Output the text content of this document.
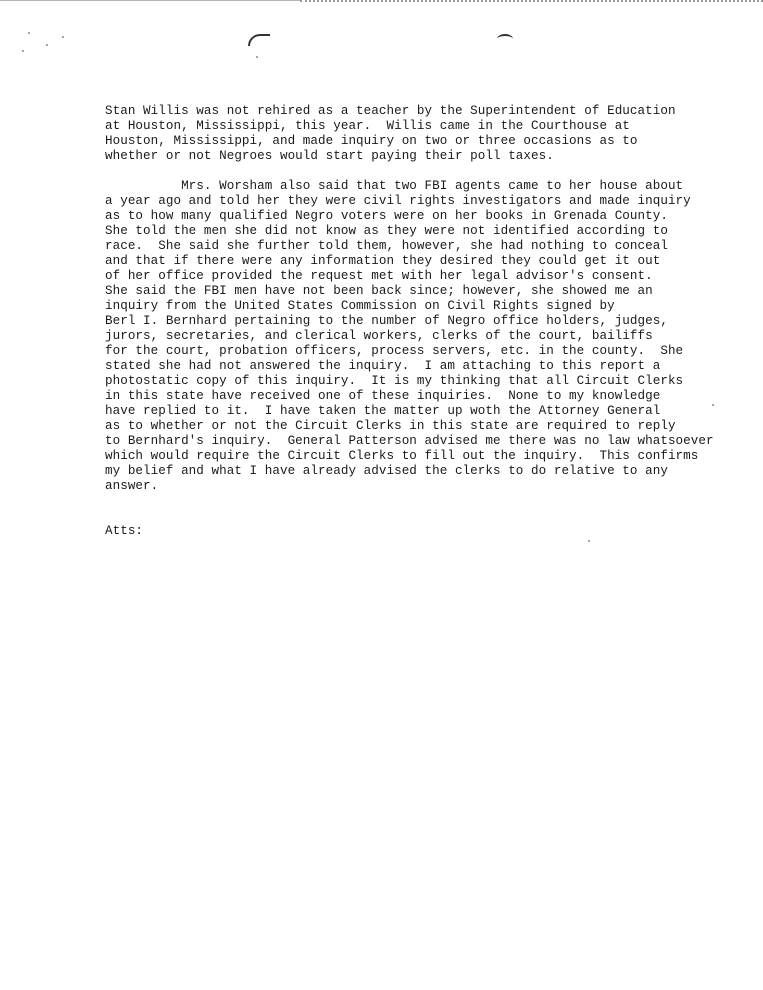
Stan Willis was not rehired as a teacher by the Superintendent of Education
at Houston, Mississippi, this year.  Willis came in the Courthouse at
Houston, Mississippi, and made inquiry on two or three occasions as to
whether or not Negroes would start paying their poll taxes.

Mrs. Worsham also said that two FBI agents came to her house about
a year ago and told her they were civil rights investigators and made inquiry
as to how many qualified Negro voters were on her books in Grenada County.
She told the men she did not know as they were not identified according to
race.  She said she further told them, however, she had nothing to conceal
and that if there were any information they desired they could get it out
of her office provided the request met with her legal advisor's consent.
She said the FBI men have not been back since; however, she showed me an
inquiry from the United States Commission on Civil Rights signed by
Berl I. Bernhard pertaining to the number of Negro office holders, judges,
jurors, secretaries, and clerical workers, clerks of the court, bailiffs
for the court, probation officers, process servers, etc. in the county.  She
stated she had not answered the inquiry.  I am attaching to this report a
photostatic copy of this inquiry.  It is my thinking that all Circuit Clerks
in this state have received one of these inquiries.  None to my knowledge
have replied to it.  I have taken the matter up woth the Attorney General
as to whether or not the Circuit Clerks in this state are required to reply
to Bernhard's inquiry.  General Patterson advised me there was no law whatsoever
which would require the Circuit Clerks to fill out the inquiry.  This confirms
my belief and what I have already advised the clerks to do relative to any
answer.

Atts:
